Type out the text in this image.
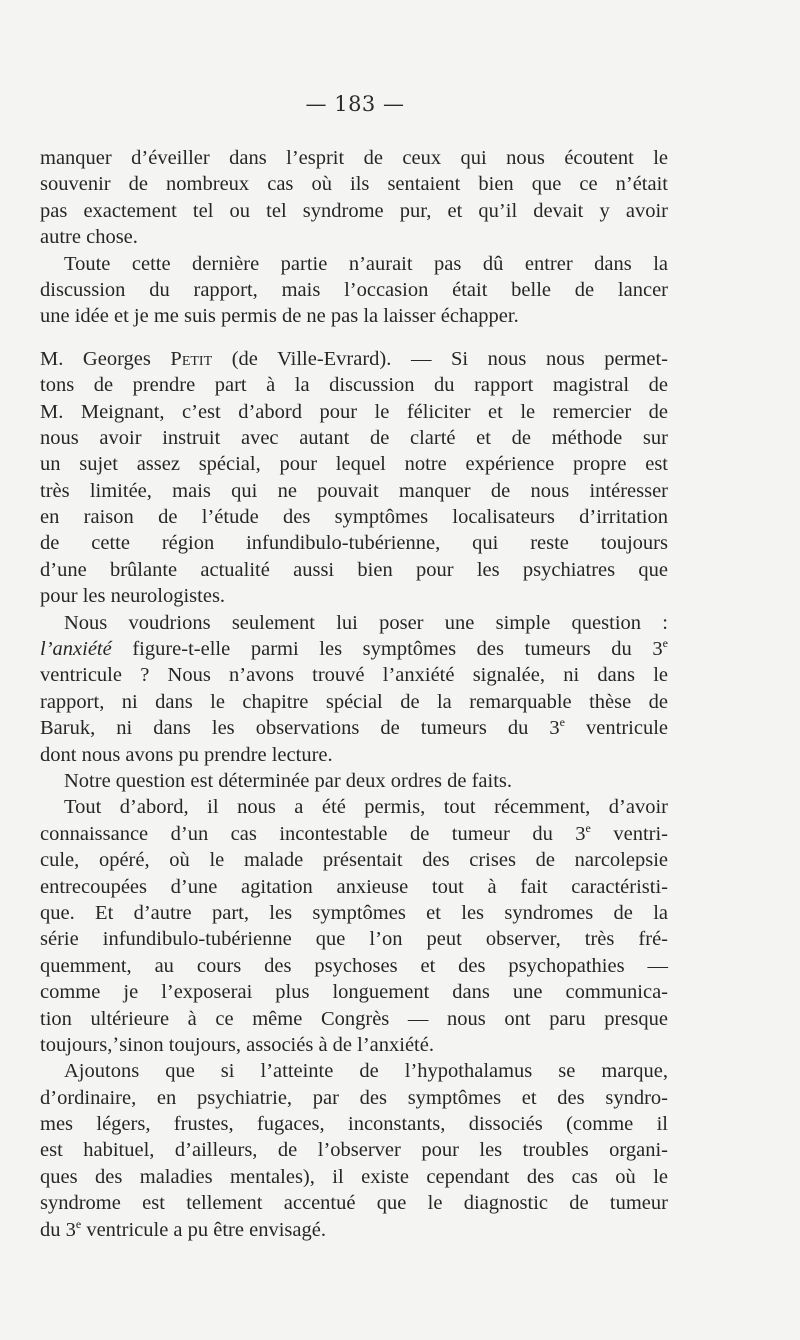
— 183 —
manquer d’éveiller dans l’esprit de ceux qui nous écoutent le
souvenir de nombreux cas où ils sentaient bien que ce n’était
pas exactement tel ou tel syndrome pur, et qu’il devait y avoir
autre chose.
Toute cette dernière partie n’aurait pas dû entrer dans la
discussion du rapport, mais l’occasion était belle de lancer
une idée et je me suis permis de ne pas la laisser échapper.
M. Georges Petit (de Ville-Evrard). — Si nous nous permet-
tons de prendre part à la discussion du rapport magistral de
M. Meignant, c’est d’abord pour le féliciter et le remercier de
nous avoir instruit avec autant de clarté et de méthode sur
un sujet assez spécial, pour lequel notre expérience propre est
très limitée, mais qui ne pouvait manquer de nous intéresser
en raison de l’étude des symptômes localisateurs d’irritation
de cette région infundibulo-tubérienne, qui reste toujours
d’une brûlante actualité aussi bien pour les psychiatres que
pour les neurologistes.
Nous voudrions seulement lui poser une simple question :
l’anxiété figure-t-elle parmi les symptômes des tumeurs du 3e
ventricule ? Nous n’avons trouvé l’anxiété signalée, ni dans le
rapport, ni dans le chapitre spécial de la remarquable thèse de
Baruk, ni dans les observations de tumeurs du 3e ventricule
dont nous avons pu prendre lecture.
Notre question est déterminée par deux ordres de faits.
Tout d’abord, il nous a été permis, tout récemment, d’avoir
connaissance d’un cas incontestable de tumeur du 3e ventri-
cule, opéré, où le malade présentait des crises de narcolepsie
entrecoupées d’une agitation anxieuse tout à fait caractéristi-
que. Et d’autre part, les symptômes et les syndromes de la
série infundibulo-tubérienne que l’on peut observer, très fré-
quemment, au cours des psychoses et des psychopathies —
comme je l’exposerai plus longuement dans une communica-
tion ultérieure à ce même Congrès — nous ont paru presque
toujours,ʼsinon toujours, associés à de l’anxiété.
Ajoutons que si l’atteinte de l’hypothalamus se marque,
d’ordinaire, en psychiatrie, par des symptômes et des syndro-
mes légers, frustes, fugaces, inconstants, dissociés (comme il
est habituel, d’ailleurs, de l’observer pour les troubles organi-
ques des maladies mentales), il existe cependant des cas où le
syndrome est tellement accentué que le diagnostic de tumeur
du 3e ventricule a pu être envisagé.
